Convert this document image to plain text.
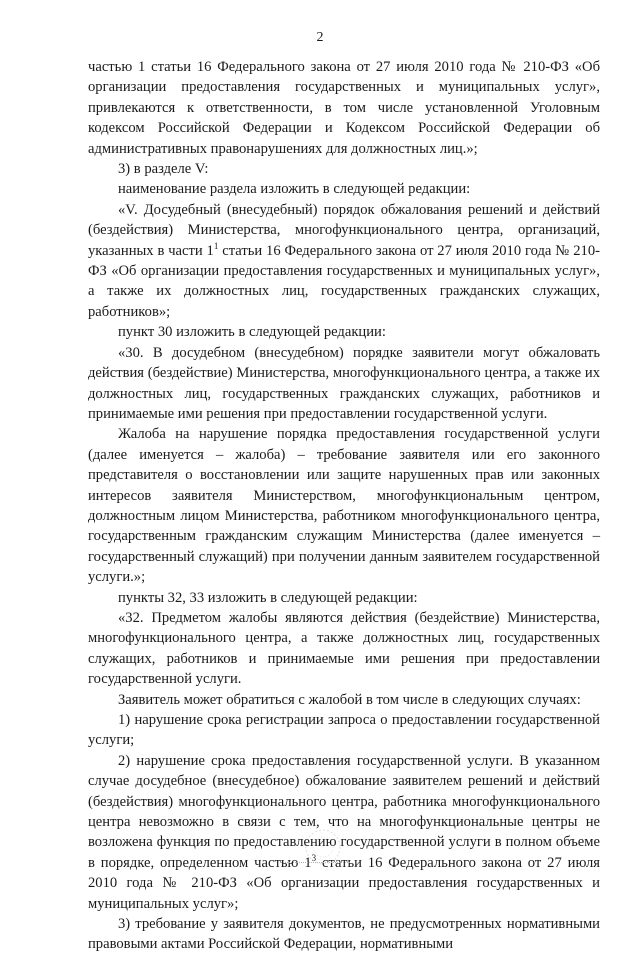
2

частью 1 статьи 16 Федерального закона от 27 июля 2010 года № 210-ФЗ «Об организации предоставления государственных и муниципальных услуг», привлекаются к ответственности, в том числе установленной Уголовным кодексом Российской Федерации и Кодексом Российской Федерации об административных правонарушениях для должностных лиц.»;

3) в разделе V:

наименование раздела изложить в следующей редакции:

«V. Досудебный (внесудебный) порядок обжалования решений и действий (бездействия) Министерства, многофункционального центра, организаций, указанных в части $1^1$ статьи 16 Федерального закона от 27 июля 2010 года № 210-ФЗ «Об организации предоставления государственных и муниципальных услуг», а также их должностных лиц, государственных гражданских служащих, работников»;

пункт 30 изложить в следующей редакции:

«30. В досудебном (внесудебном) порядке заявители могут обжаловать действия (бездействие) Министерства, многофункционального центра, а также их должностных лиц, государственных гражданских служащих, работников и принимаемые ими решения при предоставлении государственной услуги.

Жалоба на нарушение порядка предоставления государственной услуги (далее именуется – жалоба) – требование заявителя или его законного представителя о восстановлении или защите нарушенных прав или законных интересов заявителя Министерством, многофункциональным центром, должностным лицом Министерства, работником многофункционального центра, государственным гражданским служащим Министерства (далее именуется – государственный служащий) при получении данным заявителем государственной услуги.»;

пункты 32, 33 изложить в следующей редакции:

«32. Предметом жалобы являются действия (бездействие) Министерства, многофункционального центра, а также должностных лиц, государственных служащих, работников и принимаемые ими решения при предоставлении государственной услуги.

Заявитель может обратиться с жалобой в том числе в следующих случаях:

1) нарушение срока регистрации запроса о предоставлении государственной услуги;

2) нарушение срока предоставления государственной услуги. В указанном случае досудебное (внесудебное) обжалование заявителем решений и действий (бездействия) многофункционального центра, работника многофункционального центра невозможно в связи с тем, что на многофункциональные центры не возложена функция по предоставлению государственной услуги в полном объеме в порядке, определенном частью $1^3$ статьи 16 Федерального закона от 27 июля 2010 года № 210-ФЗ «Об организации предоставления государственных и муниципальных услуг»;

3) требование у заявителя документов, не предусмотренных нормативными правовыми актами Российской Федерации, нормативными
